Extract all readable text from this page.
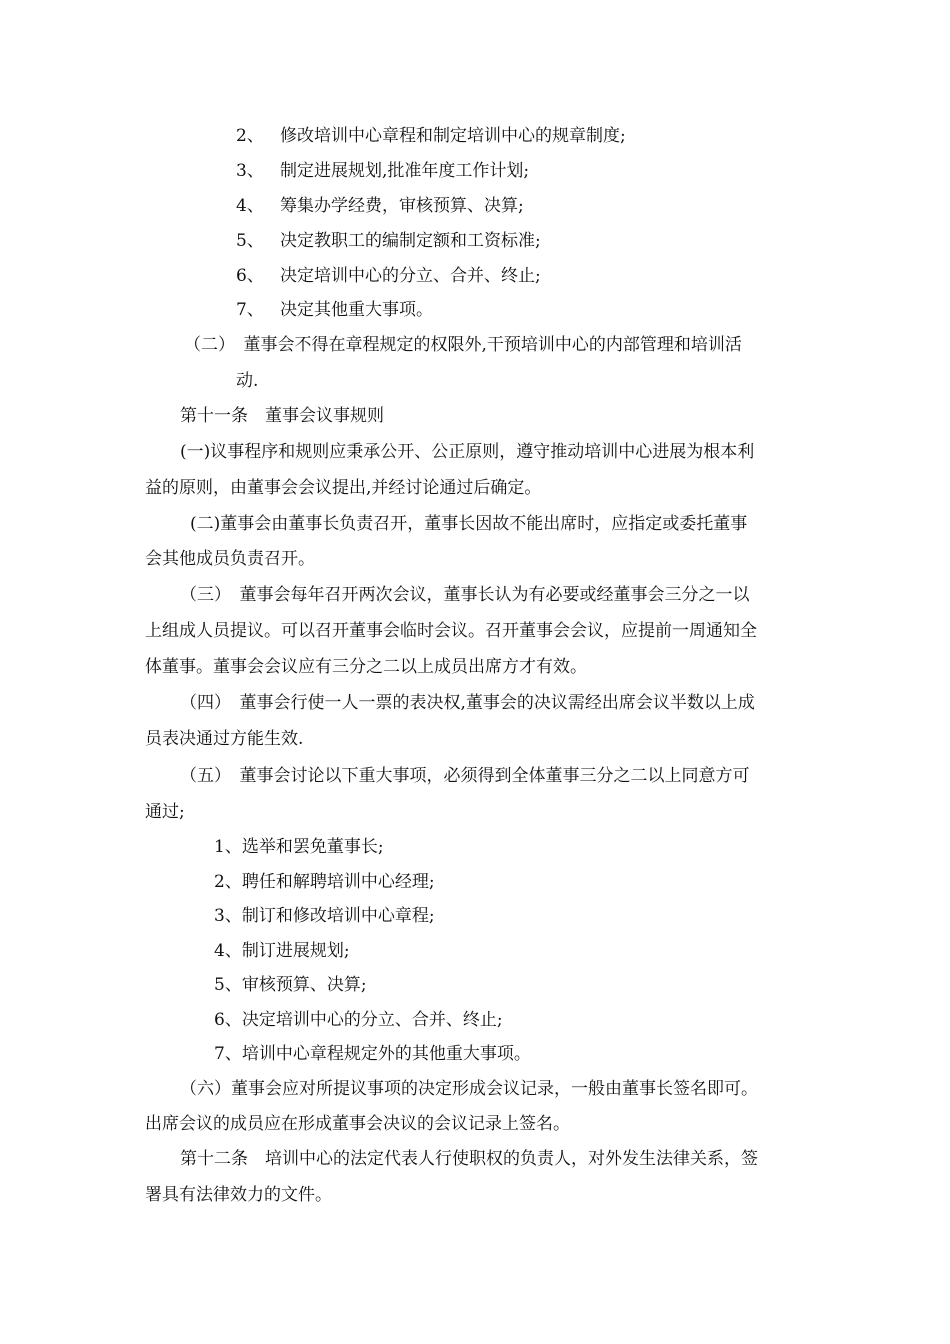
2、 修改培训中心章程和制定培训中心的规章制度;
3、 制定进展规划,批准年度工作计划;
4、 筹集办学经费，审核预算、决算;
5、 决定教职工的编制定额和工资标准;
6、 决定培训中心的分立、合并、终止;
7、 决定其他重大事项。
（二）　董事会不得在章程规定的权限外,干预培训中心的内部管理和培训活
动.
第十一条　董事会议事规则
(一)议事程序和规则应秉承公开、公正原则，遵守推动培训中心进展为根本利
益的原则，由董事会会议提出,并经讨论通过后确定。
(二)董事会由董事长负责召开，董事长因故不能出席时，应指定或委托董事
会其他成员负责召开。
（三）　董事会每年召开两次会议，董事长认为有必要或经董事会三分之一以
上组成人员提议。可以召开董事会临时会议。召开董事会会议，应提前一周通知全
体董事。董事会会议应有三分之二以上成员出席方才有效。
（四）　董事会行使一人一票的表决权,董事会的决议需经出席会议半数以上成
员表决通过方能生效.
（五）　董事会讨论以下重大事项，必须得到全体董事三分之二以上同意方可
通过;
1、选举和罢免董事长;
2、聘任和解聘培训中心经理;
3、制订和修改培训中心章程;
4、制订进展规划;
5、审核预算、决算;
6、决定培训中心的分立、合并、终止;
7、培训中心章程规定外的其他重大事项。
（六）董事会应对所提议事项的决定形成会议记录，一般由董事长签名即可。
出席会议的成员应在形成董事会决议的会议记录上签名。
第十二条　培训中心的法定代表人行使职权的负责人，对外发生法律关系，签
署具有法律效力的文件。
